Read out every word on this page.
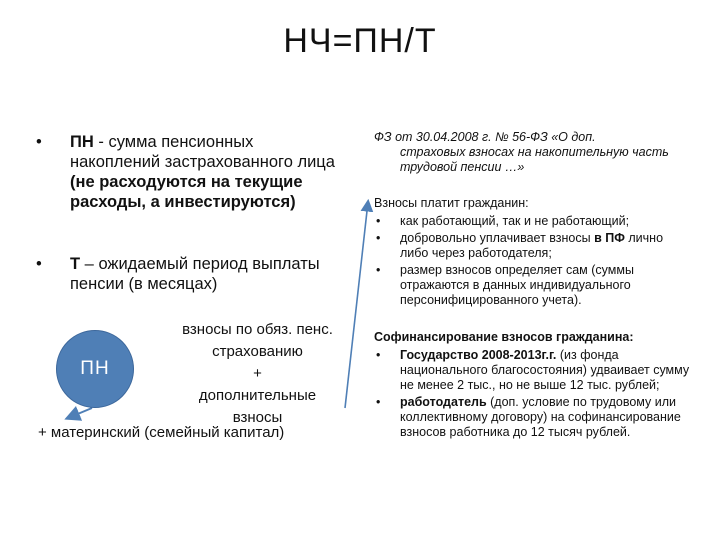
НЧ=ПН/Т
• ПН - сумма пенсионных накоплений застрахованного лица (не расходуются на текущие расходы, а инвестируются)
• Т – ожидаемый период выплаты пенсии (в месяцах)
ПН
взносы по обяз. пенс.
страхованию
+
дополнительные
взносы
+ материнский (семейный капитал)
ФЗ от 30.04.2008 г. № 56-ФЗ «О доп.
страховых взносах на накопительную часть трудовой пенсии …»
Взносы платит гражданин:
• как работающий, так и не работающий;
• добровольно уплачивает взносы в ПФ лично либо через работодателя;
• размер взносов определяет сам (суммы отражаются в данных индивидуального персонифицированного учета).
Софинансирование взносов гражданина:
• Государство 2008-2013г.г. (из фонда национального благосостояния) удваивает сумму не менее 2 тыс., но не выше 12 тыс. рублей;
• работодатель (доп. условие по трудовому или коллективному договору) на софинансирование взносов работника до 12 тысяч рублей.
